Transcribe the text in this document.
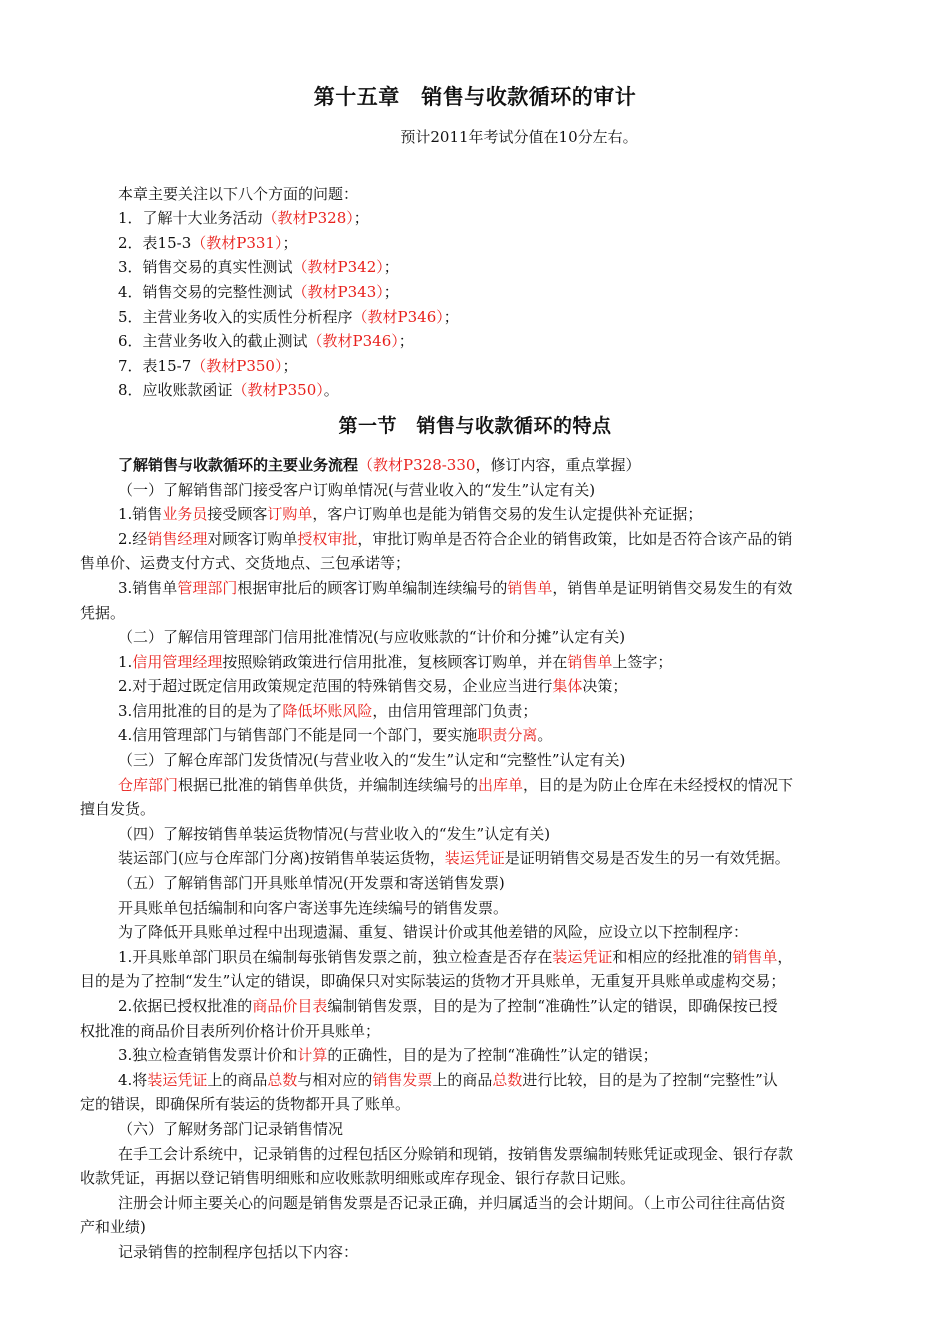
第十五章　销售与收款循环的审计
预计2011年考试分值在10分左右。

本章主要关注以下八个方面的问题：

1．了解十大业务活动（教材P328）；

2．表15-3（教材P331）；

3．销售交易的真实性测试（教材P342）；

4．销售交易的完整性测试（教材P343）；

5．主营业务收入的实质性分析程序（教材P346）；

6．主营业务收入的截止测试（教材P346）；

7．表15-7（教材P350）；

8．应收账款函证（教材P350）。

第一节　销售与收款循环的特点

了解销售与收款循环的主要业务流程（教材P328-330，修订内容，重点掌握）

（一）了解销售部门接受客户订购单情况(与营业收入的“发生”认定有关)

1.销售业务员接受顾客订购单，客户订购单也是能为销售交易的发生认定提供补充证据；

2.经销售经理对顾客订购单授权审批，审批订购单是否符合企业的销售政策，比如是否符合该产品的销

售单价、运费支付方式、交货地点、三包承诺等；

3.销售单管理部门根据审批后的顾客订购单编制连续编号的销售单，销售单是证明销售交易发生的有效

凭据。

（二）了解信用管理部门信用批准情况(与应收账款的“计价和分摊”认定有关)

1.信用管理经理按照赊销政策进行信用批准，复核顾客订购单，并在销售单上签字；

2.对于超过既定信用政策规定范围的特殊销售交易，企业应当进行集体决策；

3.信用批准的目的是为了降低坏账风险，由信用管理部门负责；

4.信用管理部门与销售部门不能是同一个部门，要实施职责分离。

（三）了解仓库部门发货情况(与营业收入的“发生”认定和“完整性”认定有关)

仓库部门根据已批准的销售单供货，并编制连续编号的出库单，目的是为防止仓库在未经授权的情况下

擅自发货。

（四）了解按销售单装运货物情况(与营业收入的“发生”认定有关)

装运部门(应与仓库部门分离)按销售单装运货物，装运凭证是证明销售交易是否发生的另一有效凭据。

（五）了解销售部门开具账单情况(开发票和寄送销售发票)

开具账单包括编制和向客户寄送事先连续编号的销售发票。

为了降低开具账单过程中出现遗漏、重复、错误计价或其他差错的风险，应设立以下控制程序：

1.开具账单部门职员在编制每张销售发票之前，独立检查是否存在装运凭证和相应的经批准的销售单，

目的是为了控制“发生”认定的错误，即确保只对实际装运的货物才开具账单，无重复开具账单或虚构交易；

2.依据已授权批准的商品价目表编制销售发票，目的是为了控制“准确性”认定的错误，即确保按已授

权批准的商品价目表所列价格计价开具账单；

3.独立检查销售发票计价和计算的正确性，目的是为了控制“准确性”认定的错误；

4.将装运凭证上的商品总数与相对应的销售发票上的商品总数进行比较，目的是为了控制“完整性”认

定的错误，即确保所有装运的货物都开具了账单。

（六）了解财务部门记录销售情况

在手工会计系统中，记录销售的过程包括区分赊销和现销，按销售发票编制转账凭证或现金、银行存款

收款凭证，再据以登记销售明细账和应收账款明细账或库存现金、银行存款日记账。

注册会计师主要关心的问题是销售发票是否记录正确，并归属适当的会计期间。（上市公司往往高估资

产和业绩)

记录销售的控制程序包括以下内容：
